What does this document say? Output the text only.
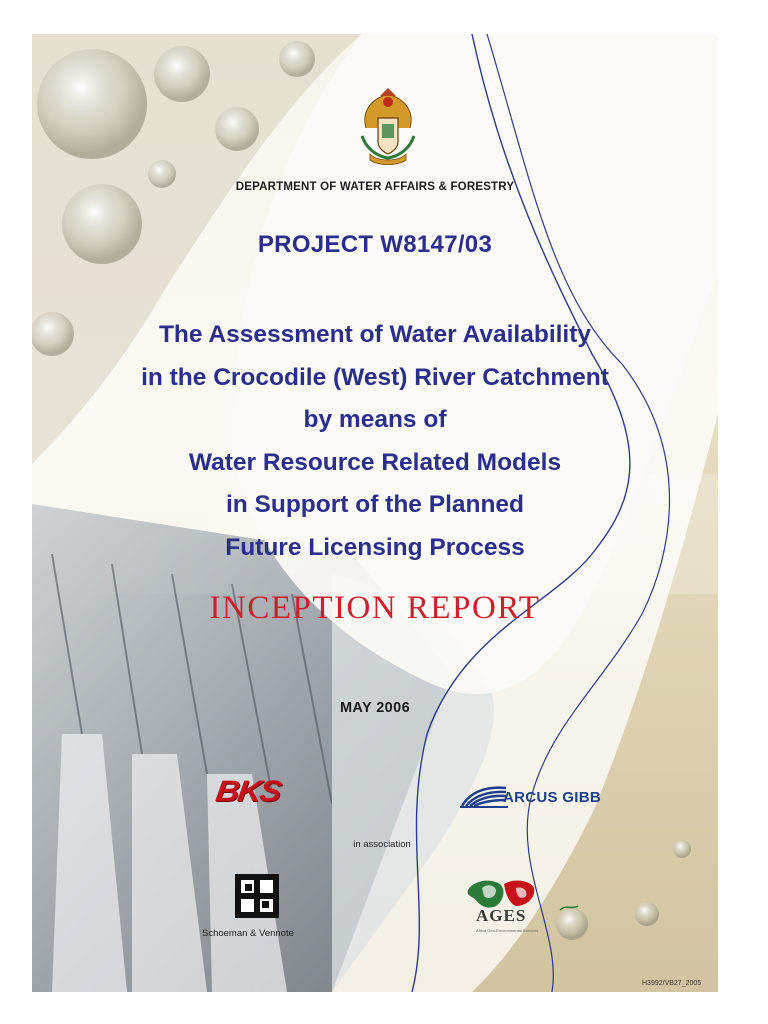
DEPARTMENT OF WATER AFFAIRS & FORESTRY
PROJECT W8147/03
The Assessment of Water Availability
in the Crocodile (West) River Catchment
by means of
Water Resource Related Models
in Support of the Planned
Future Licensing Process
INCEPTION REPORT
MAY 2006
BKS	ARCUS GIBB
in association
Schoeman & Vennote
AGES
Africa Geo-Environmental Services
H3992/VB27_2005
